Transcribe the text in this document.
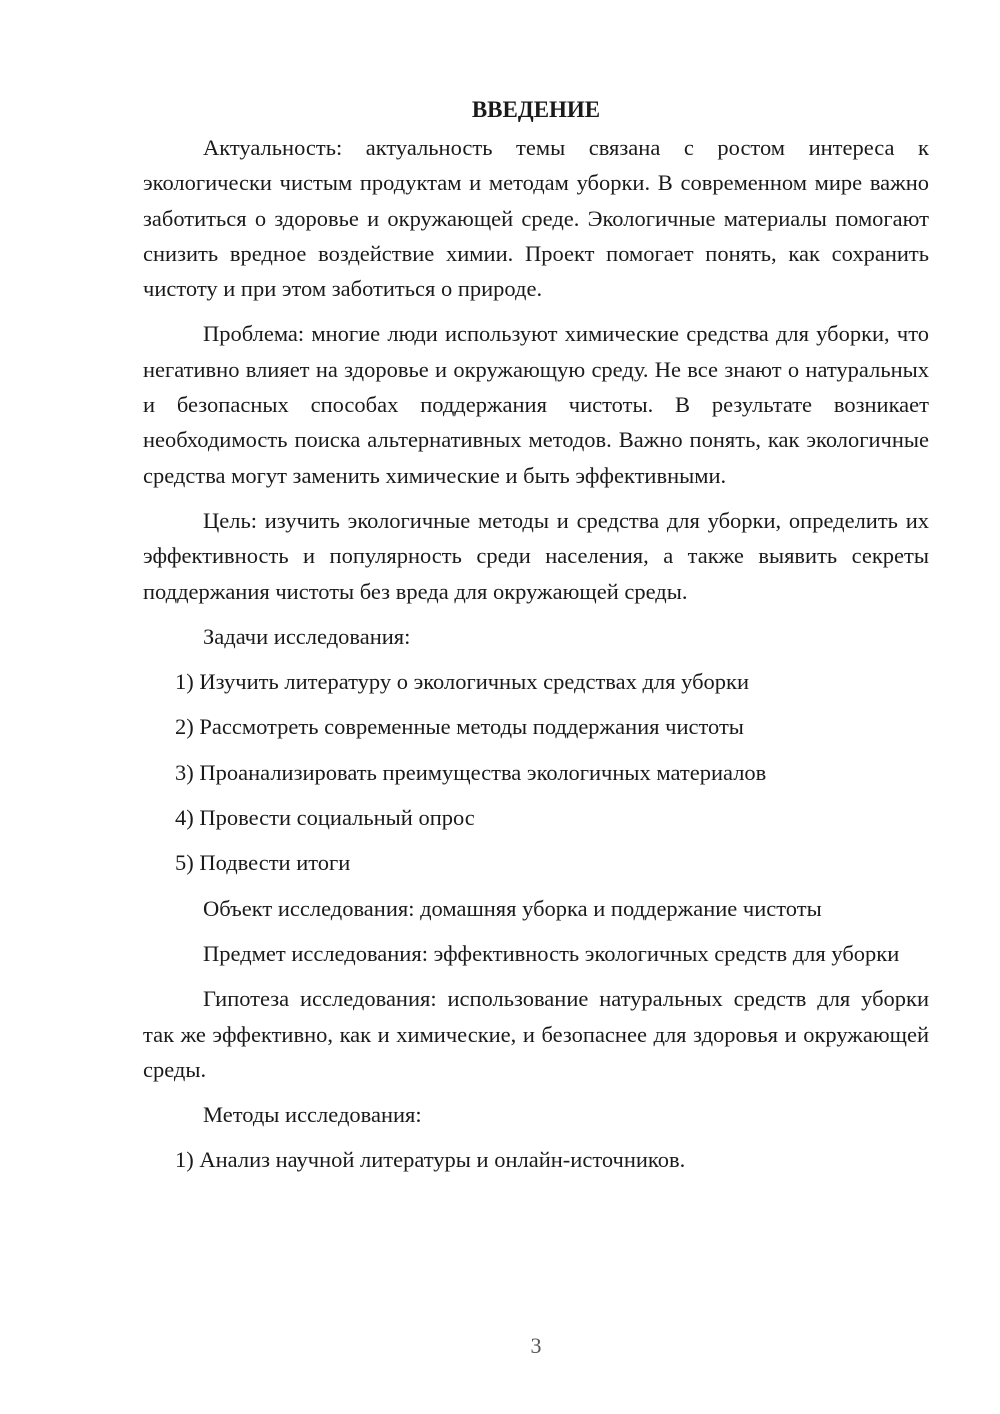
ВВЕДЕНИЕ

Актуальность: актуальность темы связана с ростом интереса к экологически чистым продуктам и методам уборки. В современном мире важно заботиться о здоровье и окружающей среде. Экологичные материалы помогают снизить вредное воздействие химии. Проект помогает понять, как сохранить чистоту и при этом заботиться о природе.

Проблема: многие люди используют химические средства для уборки, что негативно влияет на здоровье и окружающую среду. Не все знают о натуральных и безопасных способах поддержания чистоты. В результате возникает необходимость поиска альтернативных методов. Важно понять, как экологичные средства могут заменить химические и быть эффективными.

Цель: изучить экологичные методы и средства для уборки, определить их эффективность и популярность среди населения, а также выявить секреты поддержания чистоты без вреда для окружающей среды.

Задачи исследования:

1) Изучить литературу о экологичных средствах для уборки

2) Рассмотреть современные методы поддержания чистоты

3) Проанализировать преимущества экологичных материалов

4) Провести социальный опрос

5) Подвести итоги

Объект исследования: домашняя уборка и поддержание чистоты

Предмет исследования: эффективность экологичных средств для уборки

Гипотеза исследования: использование натуральных средств для уборки так же эффективно, как и химические, и безопаснее для здоровья и окружающей среды.

Методы исследования:

1) Анализ научной литературы и онлайн-источников.

3
